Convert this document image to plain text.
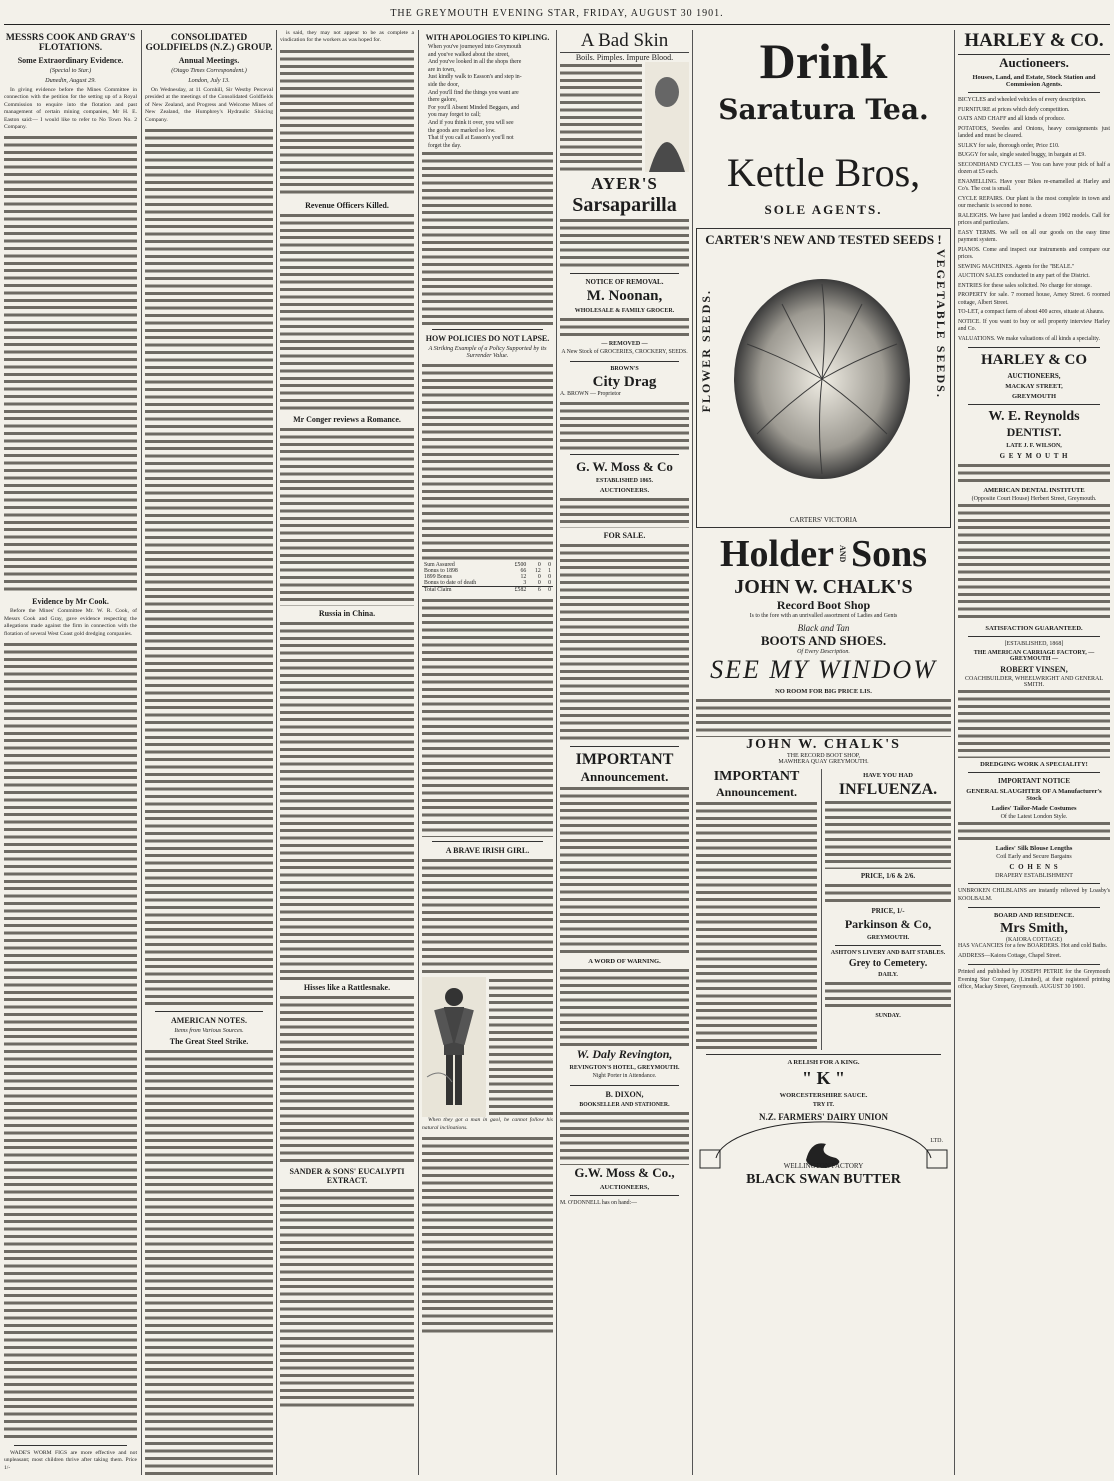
THE GREYMOUTH EVENING STAR, FRIDAY, AUGUST 30 1901.
MESSRS COOK AND GRAY'S FLOTATIONS.
Some Extraordinary Evidence.
(Special to Star.)
Dunedin, August 29.

In giving evidence before the Mines Committee in connection with the petition for the setting up of a Royal Commission to enquire into the flotation and past management of certain mining companies, Mr H. E. Easton said:— I would like to refer to No Town No. 2 Company.

Evidence by Mr Cook.

Before the Mines' Committee Mr. W. R. Cook, of Messrs Cook and Gray, gave evidence respecting the allegations made against the firm in connection with the flotation of several West Coast gold dredging companies.

WADE'S WORM FIGS are more effective and not unpleasant; most children thrive after taking them. Price 1/-

CONSOLIDATED GOLDFIELDS (N.Z.) GROUP.
Annual Meetings.
(Otago Times Correspondent.)
London, July 13.

On Wednesday, at 11 Cornhill, Sir Westby Perceval presided at the meetings of the Consolidated Goldfields of New Zealand, and Progress and Welcome Mines of New Zealand, the Humphrey's Hydraulic Sluicing Company.

AMERICAN NOTES.
Items from Various Sources.
The Great Steel Strike.

is said, they may not appear to be as complete a vindication for the workers as was hoped for.

Revenue Officers Killed.
Mr Conger reviews a Romance.
Russia in China.
Hisses like a Rattlesnake.
SANDER & SONS' EUCALYPTI EXTRACT.
WITH APOLOGIES TO KIPLING.
When you've journeyed into Greymouth
and you've walked about the street,
And you've looked in all the shops there
are in town,
Just kindly walk to Easson's and step in-
side the door,
And you'll find the things you want are
there galore,
For you'll Absent Minded Beggars, and
you may forget to call;
And if you think it over, you will see
the goods are marked so low.
That if you call at Easson's you'll not
forget the day.
HOW POLICIES DO NOT LAPSE.
A Striking Example of a Policy Supported by its Surrender Value.
Sum Assured	£500	0	0
Bonus to 1898	66	12	1
1899 Bonus	12	0	0
Bonus to date of death	3	0	0
Total Claim	£582	6	0
A BRAVE IRISH GIRL.

When they got a man in gaol, he cannot follow his natural inclinations.

A Bad Skin
Boils. Pimples. Impure Blood.
AYER'S
Sarsaparilla
NOTICE OF REMOVAL.
M. Noonan,
WHOLESALE & FAMILY GROCER.
— REMOVED —
A New Stock of GROCERIES, CROCKERY, SEEDS.
BROWN'S
City Drag
A. BROWN — Proprietor
G. W. Moss & Co
ESTABLISHED 1865.
AUCTIONEERS.
FOR SALE.
IMPORTANT
Announcement.
A WORD OF WARNING.
W. Daly Revington,
REVINGTON'S HOTEL, GREYMOUTH.
Night Porter in Attendance.
B. DIXON,
BOOKSELLER AND STATIONER.
G.W. Moss & Co.,
AUCTIONEERS,
M. O'DONNELL has on hand:—
Drink
Saratura Tea.
Kettle Bros,
SOLE AGENTS.
CARTER'S NEW AND TESTED SEEDS !
FLOWER SEEDS.	VEGETABLE SEEDS.
CARTERS' VICTORIA
Holder AND Sons
JOHN W. CHALK'S
Record Boot Shop
Is to the fore with an unrivalled assortment of Ladies and Gents
Black and Tan
BOOTS AND SHOES.
Of Every Description.
SEE MY WINDOW
NO ROOM FOR BIG PRICE LIS.
JOHN W. CHALK'S
THE RECORD BOOT SHOP,
MAWHERA QUAY GREYMOUTH.
IMPORTANT
Announcement.
HAVE YOU HAD
INFLUENZA.
PRICE, 1/6 & 2/6.
PRICE, 1/-
Parkinson & Co,
GREYMOUTH.
ASHTON'S LIVERY AND BAIT STABLES.
Grey to Cemetery.
DAILY.
SUNDAY.
A RELISH FOR A KING.
" K "
WORCESTERSHIRE SAUCE.
TRY IT.
N.Z. FARMERS' DAIRY UNION
LTD.
WELLINGTON FACTORY
BLACK SWAN BUTTER
HARLEY & CO.
Auctioneers.
Houses, Land, and Estate, Stock Station and Commission Agents.

BICYCLES and wheeled vehicles of every description.

FURNITURE at prices which defy competition.

OATS AND CHAFF and all kinds of produce.

POTATOES, Swedes and Onions, heavy consignments just landed and must be cleared.

SULKY for sale, thorough order, Price £10.

BUGGY for sale, single seated buggy, in bargain at £9.

SECONDHAND CYCLES — You can have your pick of half a dozen at £5 each.

ENAMELLING. Have your Bikes re-enamelled at Harley and Co's. The cost is small.

CYCLE REPAIRS. Our plant is the most complete in town and our mechanic is second to none.

RALEIGHS. We have just landed a dozen 1902 models. Call for prices and particulars.

EASY TERMS. We sell on all our goods on the easy time payment system.

PIANOS. Come and inspect our instruments and compare our prices.

SEWING MACHINES. Agents for the "BEALE."

AUCTION SALES conducted in any part of the District.

ENTRIES for these sales solicited. No charge for storage.

PROPERTY for sale. 7 roomed house, Arney Street. 6 roomed cottage, Albert Street.

TO-LET, a compact farm of about 400 acres, situate at Ahaura.

NOTICE. If you want to buy or sell property interview Harley and Co.

VALUATIONS. We make valuations of all kinds a speciality.

HARLEY & CO
AUCTIONEERS,
MACKAY STREET,
GREYMOUTH
W. E. Reynolds
DENTIST.
LATE J. F. WILSON,
G E Y M O U T H
AMERICAN DENTAL INSTITUTE
(Opposite Court House) Herbert Street, Greymouth.
SATISFACTION GUARANTEED.
[ESTABLISHED, 1868]
THE AMERICAN CARRIAGE FACTORY, — GREYMOUTH —
ROBERT VINSEN,
COACHBUILDER, WHEELWRIGHT AND GENERAL SMITH.
DREDGING WORK A SPECIALITY!
IMPORTANT NOTICE
GENERAL SLAUGHTER OF A Manufacturer's Stock
Ladies' Tailor-Made Costumes
Of the Latest London Style.
Ladies' Silk Blouse Lengths
Coil Early and Secure Bargains
C O H E N S
DRAPERY ESTABLISHMENT

UNBROKEN CHILBLAINS are instantly relieved by Loasby's KOOLBALM.

BOARD AND RESIDENCE.
Mrs Smith,
(KAIORA COTTAGE)

HAS VACANCIES for a few BOARDERS. Hot and cold Baths.

ADDRESS—Kaiora Cottage, Chapel Street.

Printed and published by JOSEPH PETRIE for the Greymouth Evening Star Company, (Limited), at their registered printing office, Mackay Street, Greymouth. AUGUST 30 1901.
